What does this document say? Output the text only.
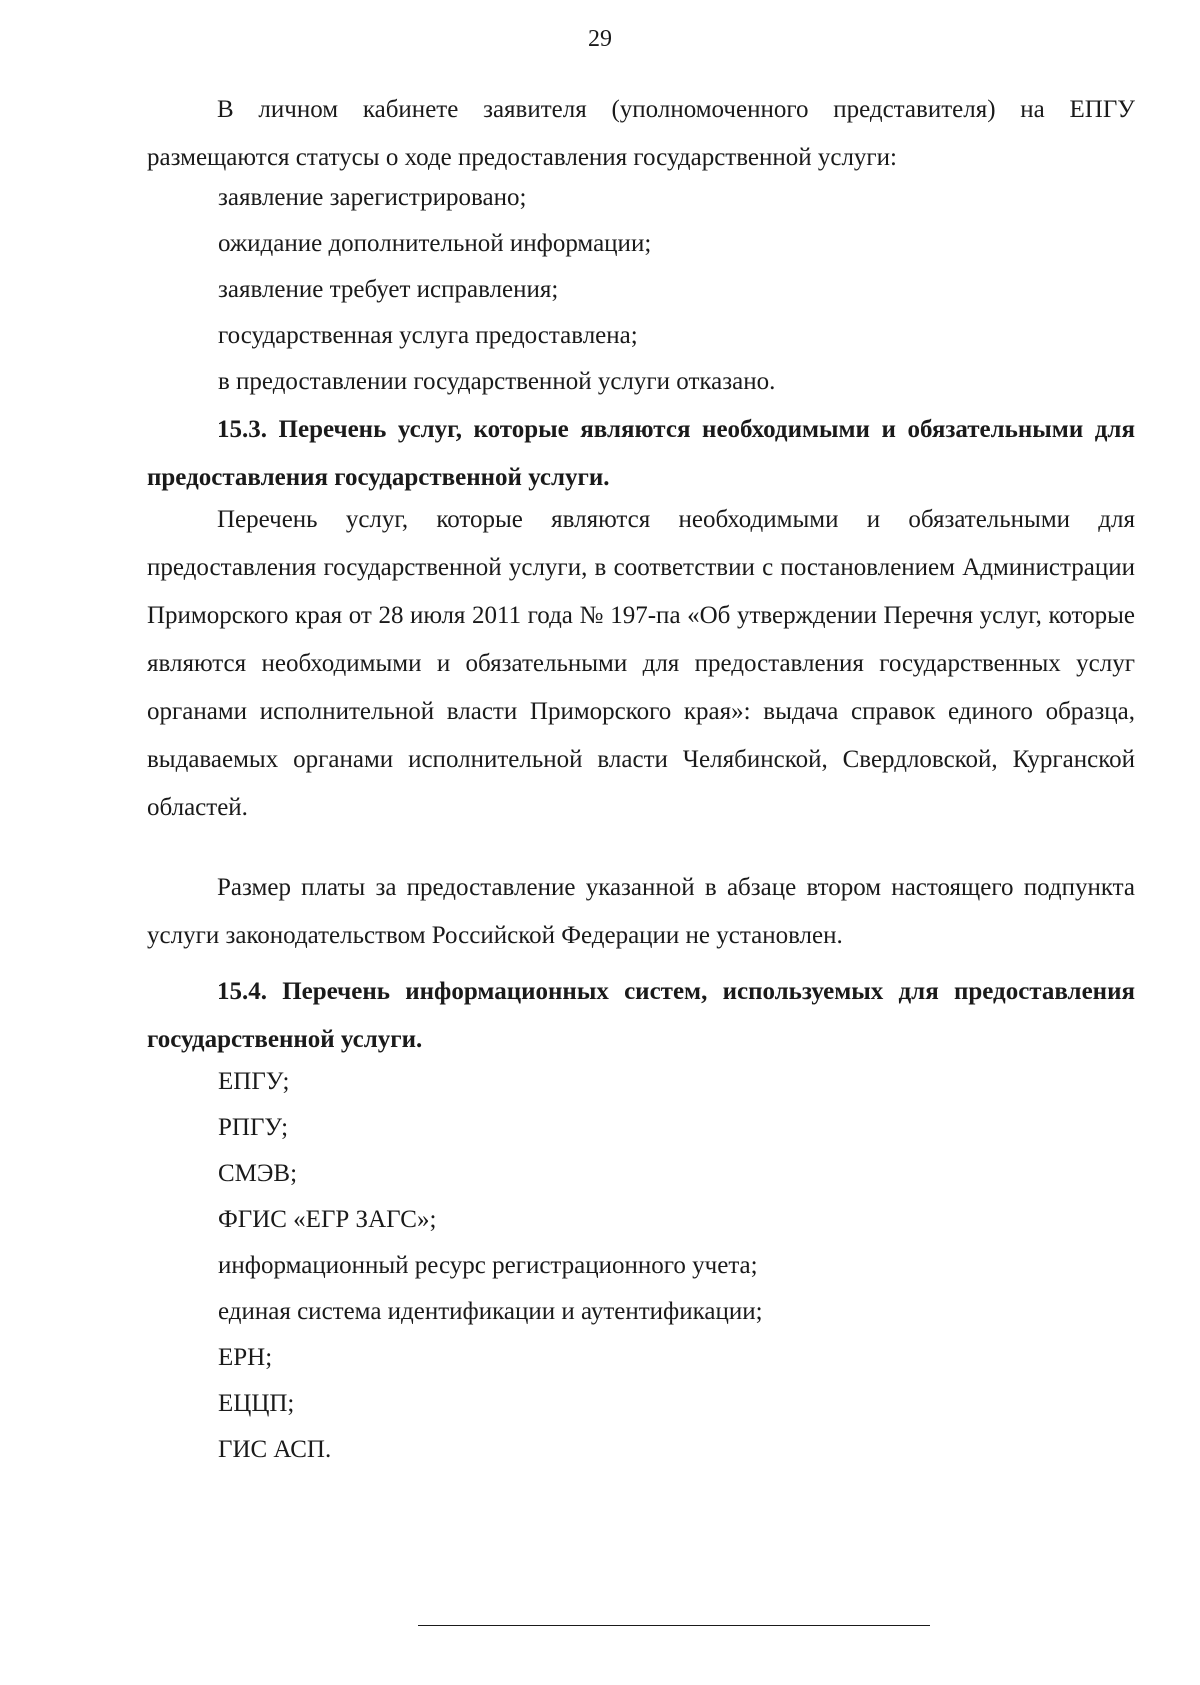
29

В личном кабинете заявителя (уполномоченного представителя) на ЕПГУ размещаются статусы о ходе предоставления государственной услуги:

заявление зарегистрировано;

ожидание дополнительной информации;

заявление требует исправления;

государственная услуга предоставлена;

в предоставлении государственной услуги отказано.

15.3. Перечень услуг, которые являются необходимыми и обязательными для предоставления государственной услуги.

Перечень услуг, которые являются необходимыми и обязательными для предоставления государственной услуги, в соответствии с постановлением Администрации Приморского края от 28 июля 2011 года № 197-па «Об утверждении Перечня услуг, которые являются необходимыми и обязательными для предоставления государственных услуг органами исполнительной власти Приморского края»: выдача справок единого образца, выдаваемых органами исполнительной власти Челябинской, Свердловской, Курганской областей.

Размер платы за предоставление указанной в абзаце втором настоящего подпункта услуги законодательством Российской Федерации не установлен.

15.4. Перечень информационных систем, используемых для предоставления государственной услуги.

ЕПГУ;

РПГУ;

СМЭВ;

ФГИС «ЕГР ЗАГС»;

информационный ресурс регистрационного учета;

единая система идентификации и аутентификации;

ЕРН;

ЕЦЦП;

ГИС АСП.
